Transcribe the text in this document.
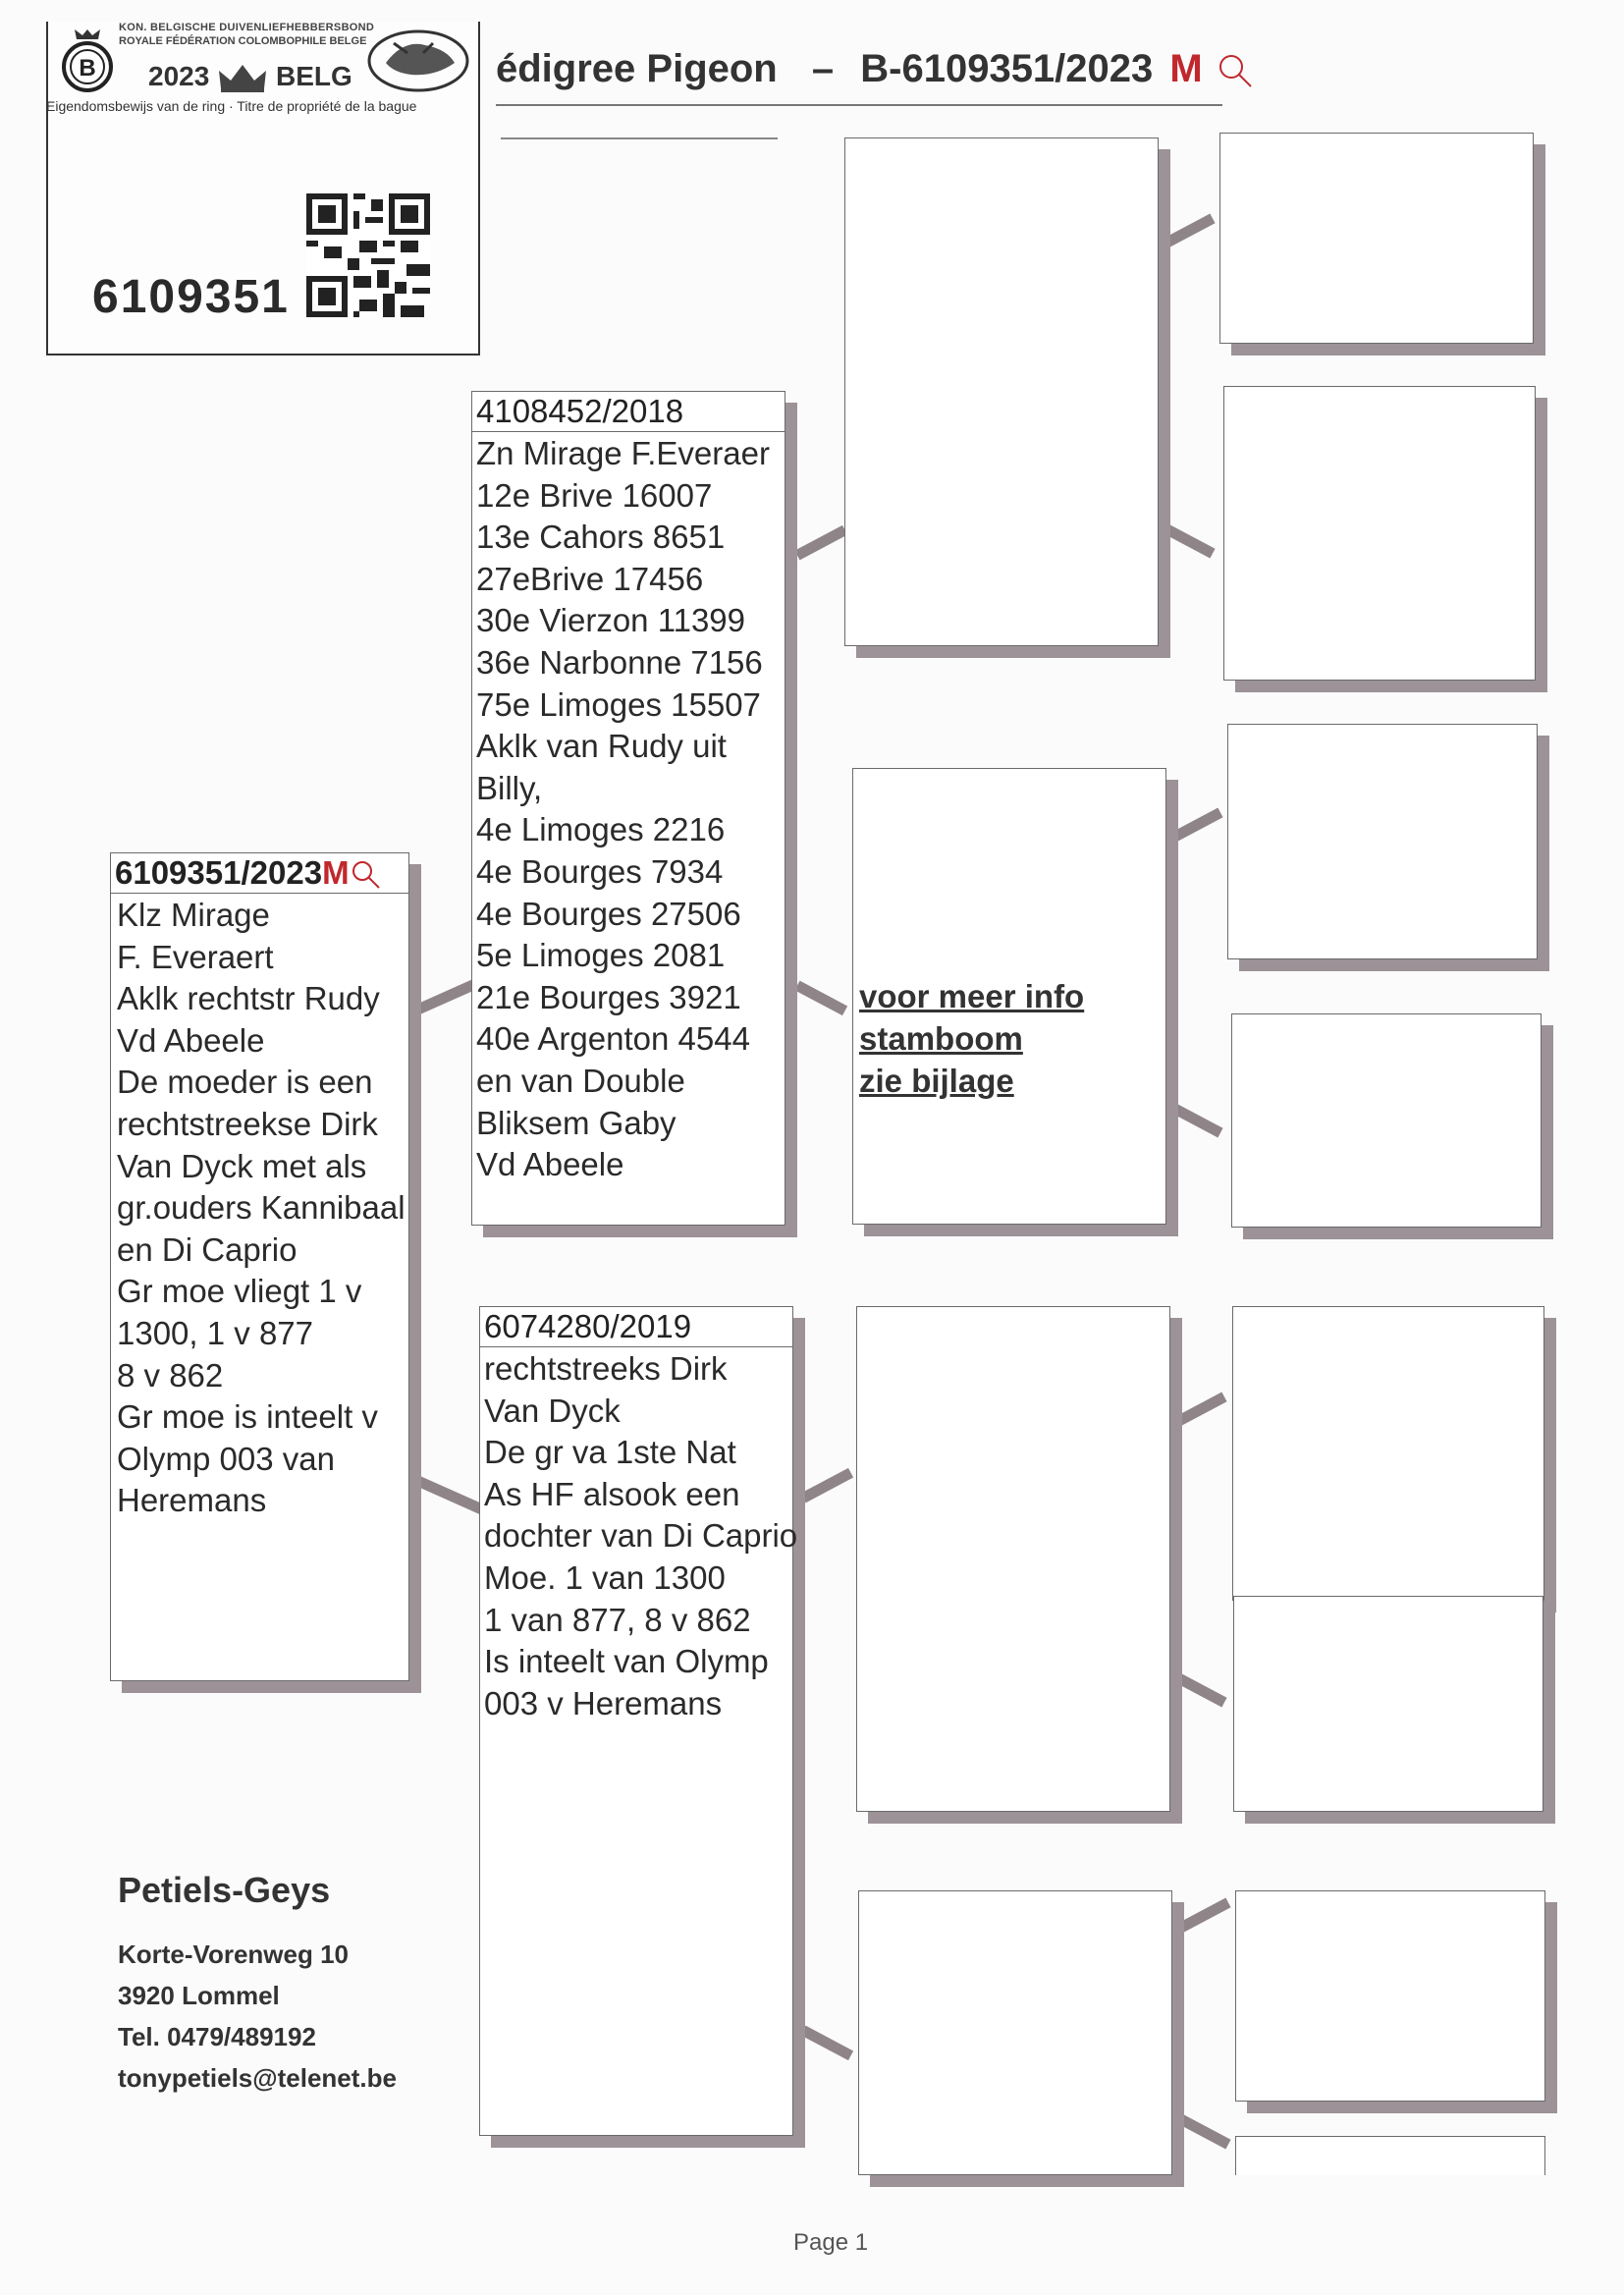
B
KON. BELGISCHE DUIVENLIEFHEBBERSBOND
ROYALE FÉDÉRATION COLOMBOPHILE BELGE
2023 BELG
Eigendomsbewijs van de ring · Titre de propriété de la bague
6109351
édigree Pigeon – B-6109351/2023 M
6109351/2023M
Klz Mirage
F. Everaert
Aklk rechtstr Rudy
Vd Abeele
De moeder is een
rechtstreekse Dirk
Van Dyck met als
gr.ouders Kannibaal
en Di Caprio
Gr moe vliegt 1 v
1300, 1 v 877
8 v 862
Gr moe is inteelt v
Olymp 003 van
Heremans
4108452/2018
Zn Mirage F.Everaer
12e Brive 16007
13e Cahors 8651
27eBrive 17456
30e Vierzon 11399
36e Narbonne 7156
75e Limoges 15507
Aklk van Rudy uit
Billy,
4e Limoges 2216
4e Bourges 7934
4e Bourges 27506
5e Limoges 2081
21e Bourges 3921
40e Argenton 4544
en van Double
Bliksem Gaby
Vd Abeele
6074280/2019
rechtstreeks Dirk
Van Dyck
De gr va 1ste Nat
As HF alsook een
dochter van Di Caprio
Moe. 1 van 1300
1 van 877, 8 v 862
Is inteelt van Olymp
003 v Heremans
voor meer info
stamboom
zie bijlage
Petiels-Geys
Korte-Vorenweg 10
3920 Lommel
Tel. 0479/489192
tonypetiels@telenet.be
Page 1
